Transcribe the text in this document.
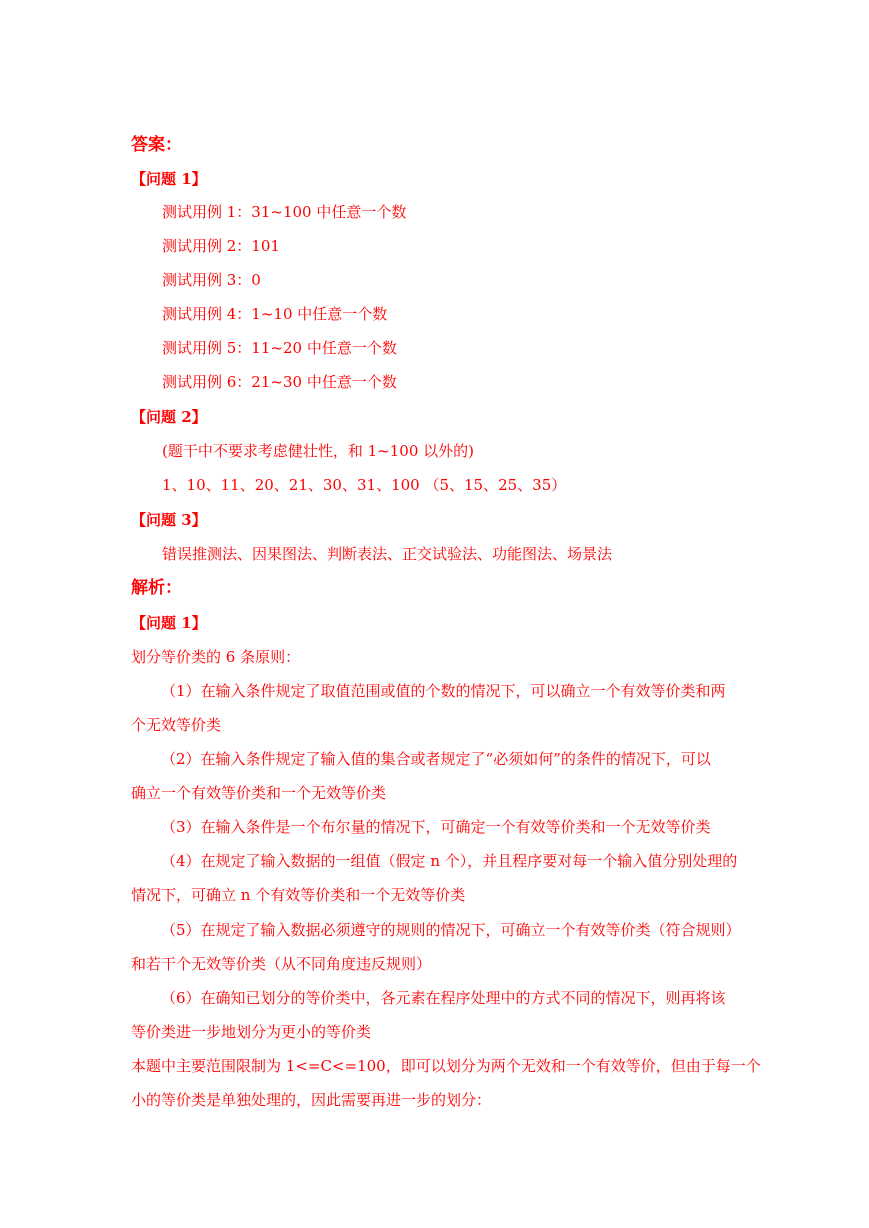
答案：
【问题 1】
测试用例 1：31~100 中任意一个数
测试用例 2：101
测试用例 3：0
测试用例 4：1~10 中任意一个数
测试用例 5：11~20 中任意一个数
测试用例 6：21~30 中任意一个数
【问题 2】
(题干中不要求考虑健壮性，和 1~100 以外的)
1、10、11、20、21、30、31、100 （5、15、25、35）
【问题 3】
错误推测法、因果图法、判断表法、正交试验法、功能图法、场景法
解析：
【问题 1】
划分等价类的 6 条原则：
（1）在输入条件规定了取值范围或值的个数的情况下，可以确立一个有效等价类和两
个无效等价类
（2）在输入条件规定了输入值的集合或者规定了“必须如何”的条件的情况下，可以
确立一个有效等价类和一个无效等价类
（3）在输入条件是一个布尔量的情况下，可确定一个有效等价类和一个无效等价类
（4）在规定了输入数据的一组值（假定 n 个），并且程序要对每一个输入值分别处理的
情况下，可确立 n 个有效等价类和一个无效等价类
（5）在规定了输入数据必须遵守的规则的情况下，可确立一个有效等价类（符合规则）
和若干个无效等价类（从不同角度违反规则）
（6）在确知已划分的等价类中，各元素在程序处理中的方式不同的情况下，则再将该
等价类进一步地划分为更小的等价类
本题中主要范围限制为 1<=C<=100，即可以划分为两个无效和一个有效等价，但由于每一个
小的等价类是单独处理的，因此需要再进一步的划分：
